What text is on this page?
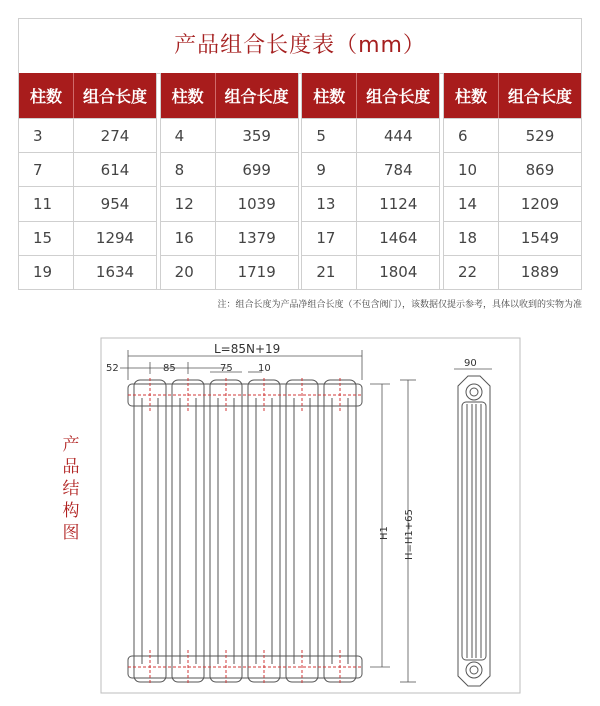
产品组合长度表（mm）
柱数	组合长度
3	274
7	614
11	954
15	1294
19	1634
柱数	组合长度
4	359
8	699
12	1039
16	1379
20	1719
柱数	组合长度
5	444
9	784
13	1124
17	1464
21	1804
柱数	组合长度
6	529
10	869
14	1209
18	1549
22	1889
注：组合长度为产品净组合长度（不包含阀门），该数据仅提示参考，具体以收到的实物为准
产
品
结
构
图
L=85N+19
52	85	75	10
H1 H=H1+65
90
